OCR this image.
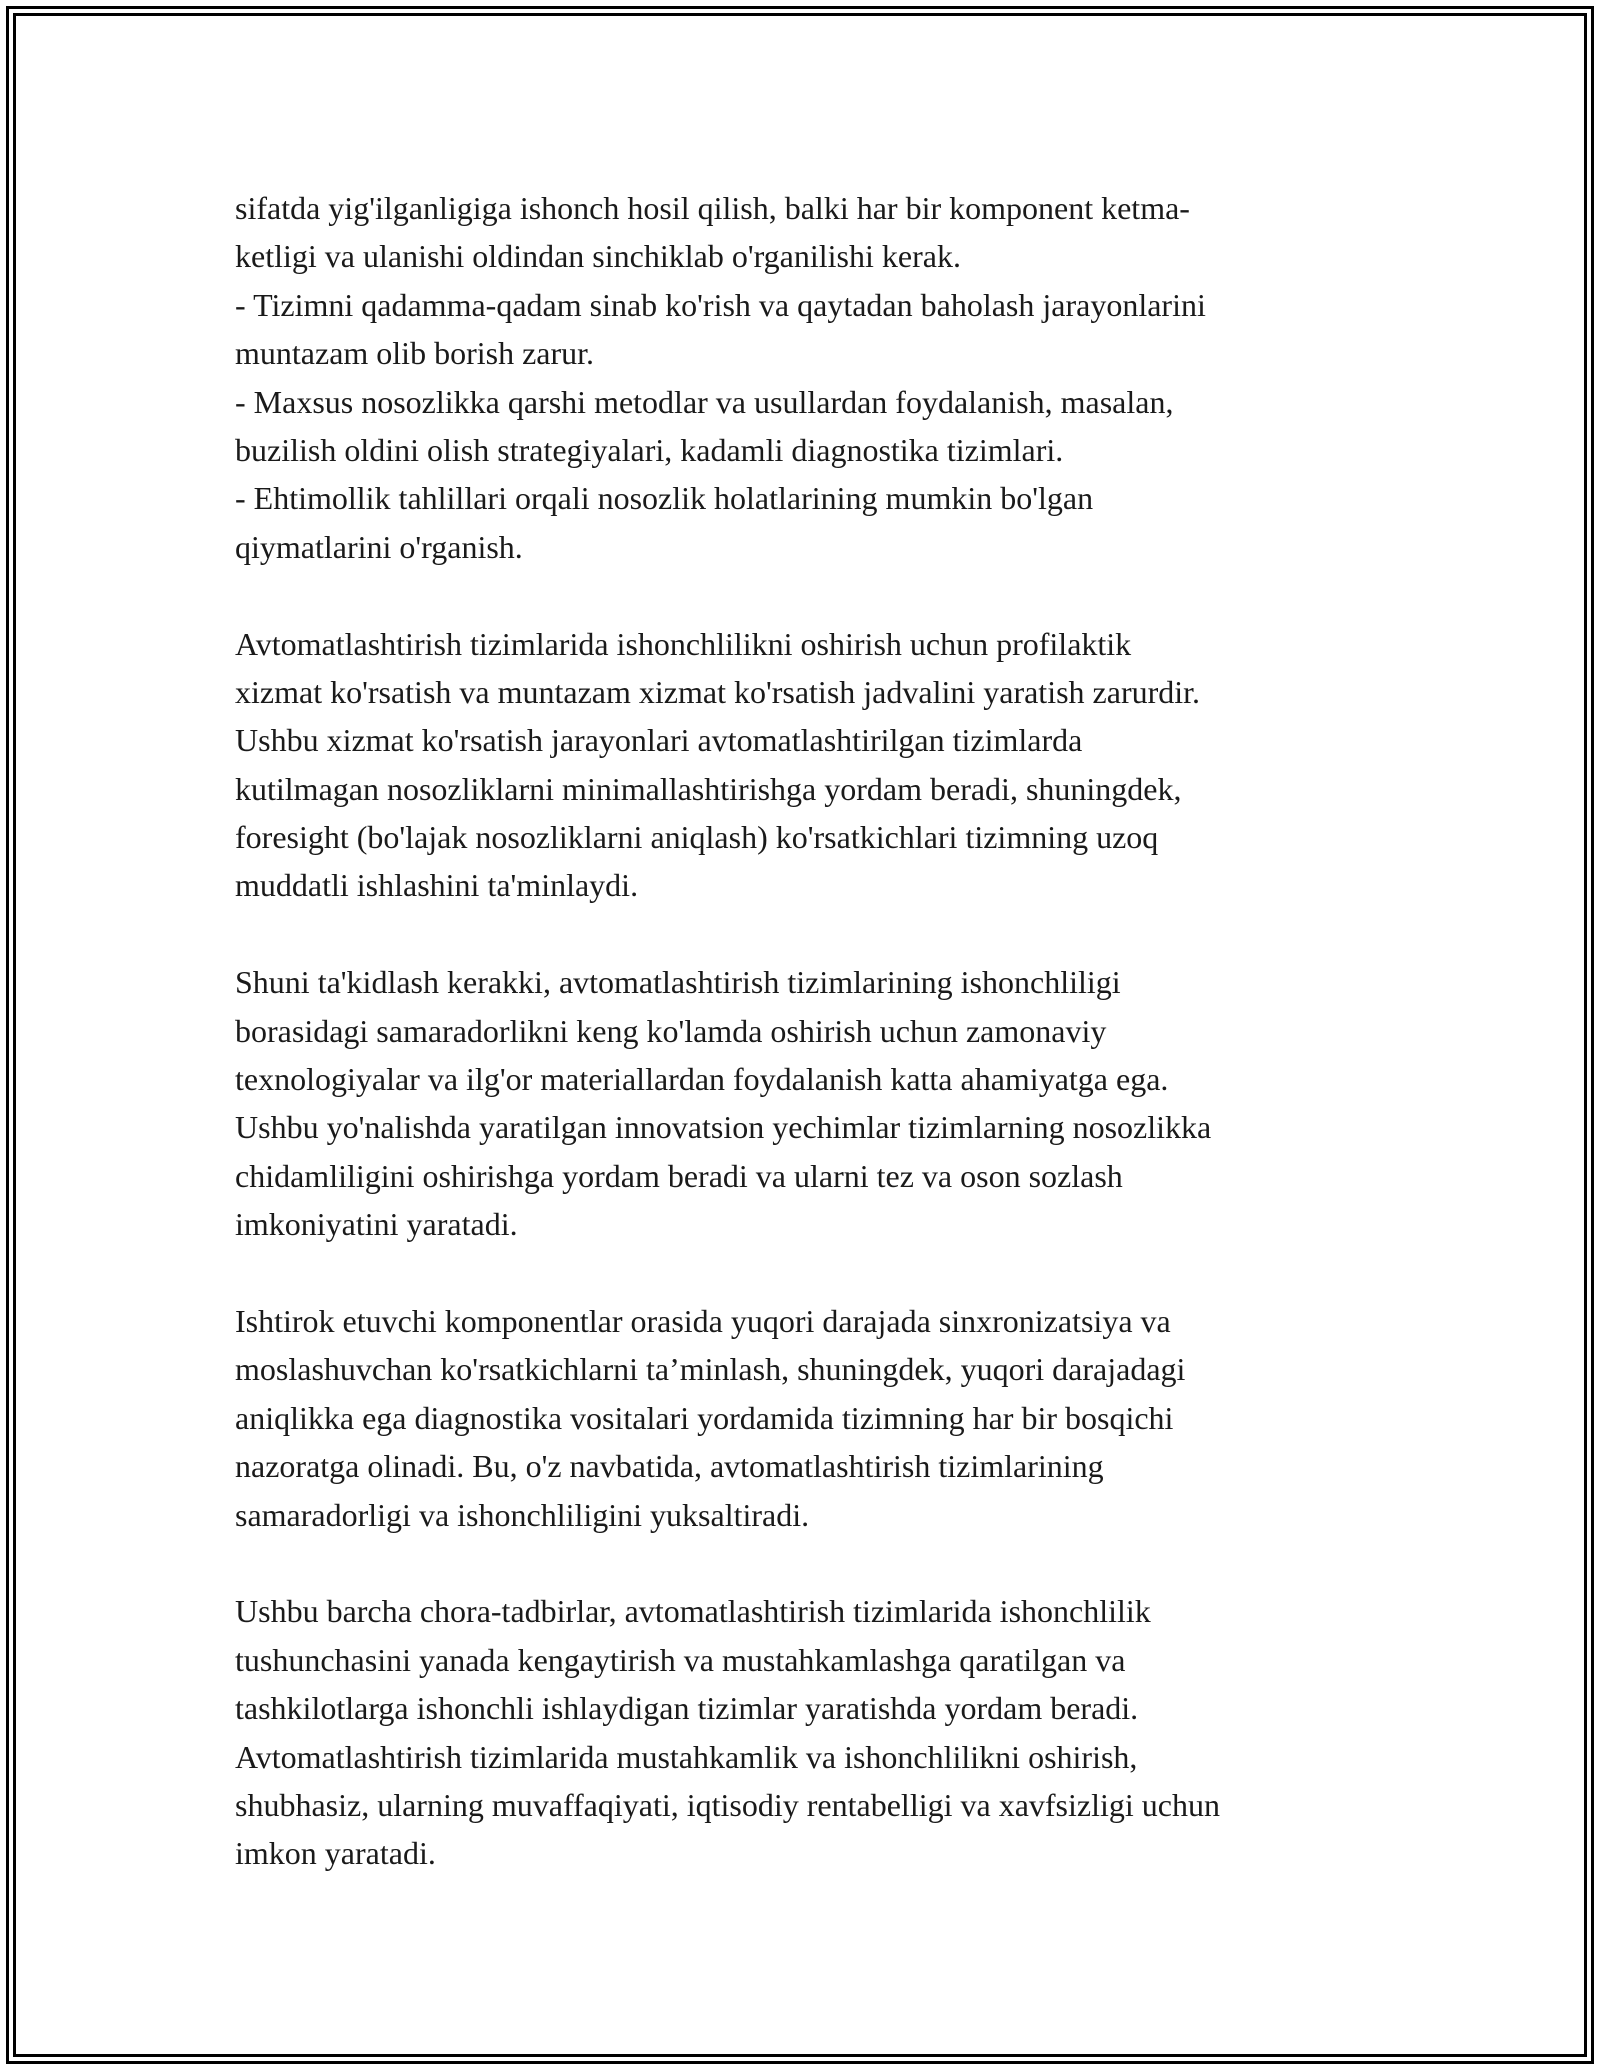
sifatda yig'ilganligiga ishonch hosil qilish, balki har bir komponent ketma-
ketligi va ulanishi oldindan sinchiklab o'rganilishi kerak.
- Tizimni qadamma-qadam sinab ko'rish va qaytadan baholash jarayonlarini
muntazam olib borish zarur.
- Maxsus nosozlikka qarshi metodlar va usullardan foydalanish, masalan,
buzilish oldini olish strategiyalari, kadamli diagnostika tizimlari.
- Ehtimollik tahlillari orqali nosozlik holatlarining mumkin bo'lgan
qiymatlarini o'rganish.
Avtomatlashtirish tizimlarida ishonchlilikni oshirish uchun profilaktik
xizmat ko'rsatish va muntazam xizmat ko'rsatish jadvalini yaratish zarurdir.
Ushbu xizmat ko'rsatish jarayonlari avtomatlashtirilgan tizimlarda
kutilmagan nosozliklarni minimallashtirishga yordam beradi, shuningdek,
foresight (bo'lajak nosozliklarni aniqlash) ko'rsatkichlari tizimning uzoq
muddatli ishlashini ta'minlaydi.
Shuni ta'kidlash kerakki, avtomatlashtirish tizimlarining ishonchliligi
borasidagi samaradorlikni keng ko'lamda oshirish uchun zamonaviy
texnologiyalar va ilg'or materiallardan foydalanish katta ahamiyatga ega.
Ushbu yo'nalishda yaratilgan innovatsion yechimlar tizimlarning nosozlikka
chidamliligini oshirishga yordam beradi va ularni tez va oson sozlash
imkoniyatini yaratadi.
Ishtirok etuvchi komponentlar orasida yuqori darajada sinxronizatsiya va
moslashuvchan ko'rsatkichlarni ta’minlash, shuningdek, yuqori darajadagi
aniqlikka ega diagnostika vositalari yordamida tizimning har bir bosqichi
nazoratga olinadi. Bu, o'z navbatida, avtomatlashtirish tizimlarining
samaradorligi va ishonchliligini yuksaltiradi.
Ushbu barcha chora-tadbirlar, avtomatlashtirish tizimlarida ishonchlilik
tushunchasini yanada kengaytirish va mustahkamlashga qaratilgan va
tashkilotlarga ishonchli ishlaydigan tizimlar yaratishda yordam beradi.
Avtomatlashtirish tizimlarida mustahkamlik va ishonchlilikni oshirish,
shubhasiz, ularning muvaffaqiyati, iqtisodiy rentabelligi va xavfsizligi uchun
imkon yaratadi.
